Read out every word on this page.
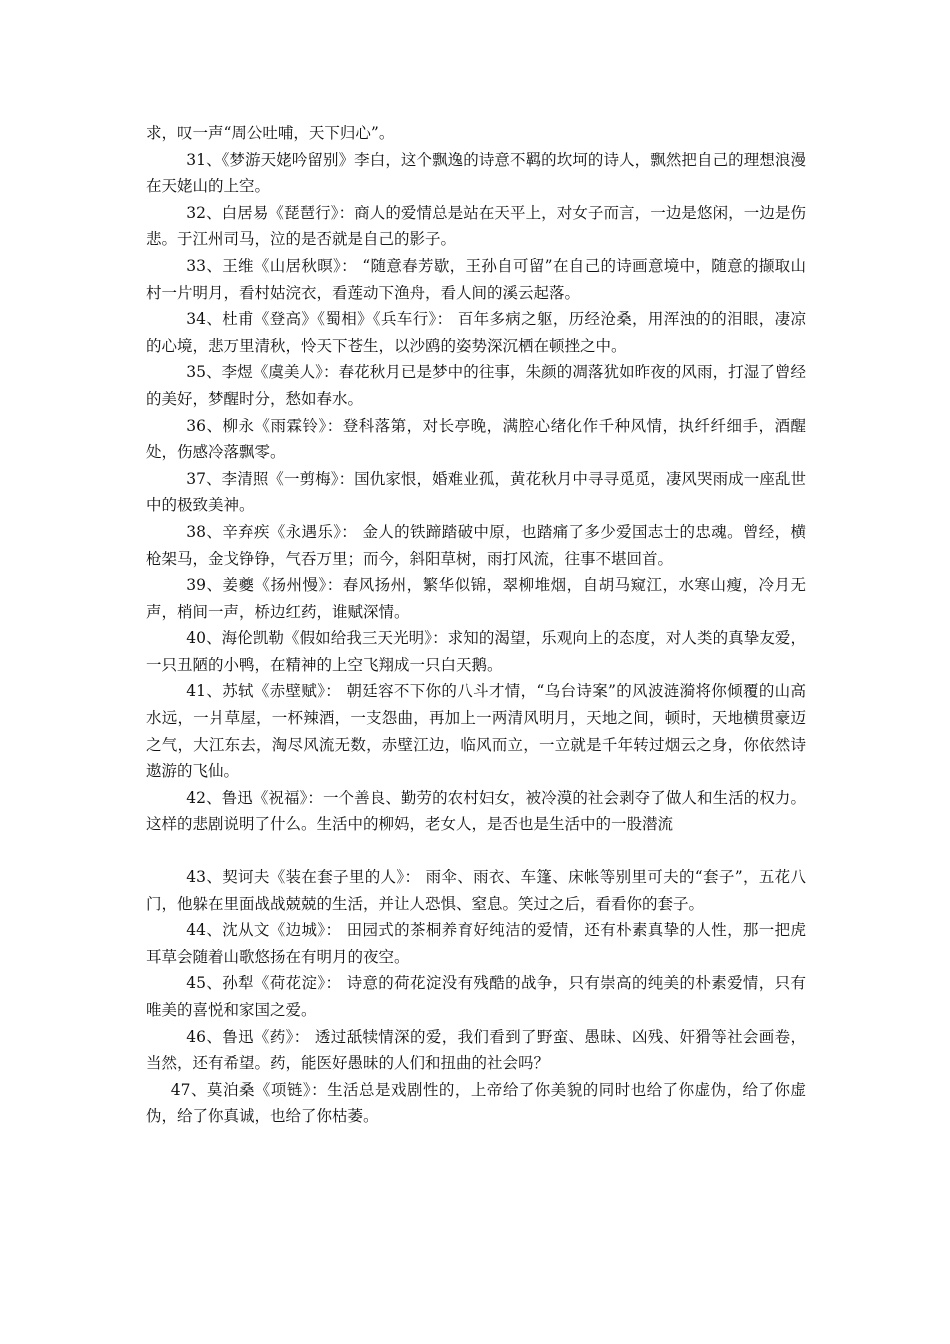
求，叹一声“周公吐哺，天下归心”。

31、《梦游天姥吟留别》李白，这个飘逸的诗意不羁的坎坷的诗人，飘然把自己的理想浪漫在天姥山的上空。

32、白居易《琵琶行》：商人的爱情总是站在天平上，对女子而言，一边是悠闲，一边是伤悲。于江州司马，泣的是否就是自己的影子。

33、王维《山居秋暝》： “随意春芳歇，王孙自可留”在自己的诗画意境中，随意的撷取山村一片明月，看村姑浣衣，看莲动下渔舟，看人间的溪云起落。

34、杜甫《登高》《蜀相》《兵车行》： 百年多病之躯，历经沧桑，用浑浊的的泪眼，凄凉的心境，悲万里清秋，怜天下苍生，以沙鸥的姿势深沉栖在顿挫之中。

35、李煜《虞美人》：春花秋月已是梦中的往事，朱颜的凋落犹如昨夜的风雨，打湿了曾经的美好，梦醒时分，愁如春水。

36、柳永《雨霖铃》：登科落第，对长亭晚，满腔心绪化作千种风情，执纤纤细手，酒醒处，伤感冷落飘零。

37、李清照《一剪梅》：国仇家恨，婚难业孤，黄花秋月中寻寻觅觅，凄风哭雨成一座乱世中的极致美神。

38、辛弃疾《永遇乐》： 金人的铁蹄踏破中原，也踏痛了多少爱国志士的忠魂。曾经，横枪架马，金戈铮铮，气吞万里；而今，斜阳草树，雨打风流，往事不堪回首。

39、姜夔《扬州慢》：春风扬州，繁华似锦，翠柳堆烟，自胡马窥江，水寒山瘦，冷月无声，梢间一声，桥边红药，谁赋深情。

40、海伦凯勒《假如给我三天光明》：求知的渴望，乐观向上的态度，对人类的真挚友爱，一只丑陋的小鸭，在精神的上空飞翔成一只白天鹅。

41、苏轼《赤壁赋》： 朝廷容不下你的八斗才情，“乌台诗案”的风波涟漪将你倾覆的山高水远，一爿草屋，一杯辣酒，一支怨曲，再加上一两清风明月，天地之间，顿时，天地横贯豪迈之气，大江东去，淘尽风流无数，赤壁江边，临风而立，一立就是千年转过烟云之身，你依然诗遨游的飞仙。

42、鲁迅《祝福》：一个善良、勤劳的农村妇女，被冷漠的社会剥夺了做人和生活的权力。这样的悲剧说明了什么。生活中的柳妈，老女人，是否也是生活中的一股潜流

43、契诃夫《装在套子里的人》： 雨伞、雨衣、车篷、床帐等别里可夫的“套子”，五花八门，他躲在里面战战兢兢的生活，并让人恐惧、窒息。笑过之后，看看你的套子。

44、沈从文《边城》： 田园式的茶桐养育好纯洁的爱情，还有朴素真挚的人性，那一把虎耳草会随着山歌悠扬在有明月的夜空。

45、孙犁《荷花淀》： 诗意的荷花淀没有残酷的战争，只有崇高的纯美的朴素爱情，只有唯美的喜悦和家国之爱。

46、鲁迅《药》： 透过舐犊情深的爱，我们看到了野蛮、愚昧、凶残、奸猾等社会画卷，当然，还有希望。药，能医好愚昧的人们和扭曲的社会吗？

47、莫泊桑《项链》：生活总是戏剧性的，上帝给了你美貌的同时也给了你虚伪，给了你虚伪，给了你真诚，也给了你枯萎。
